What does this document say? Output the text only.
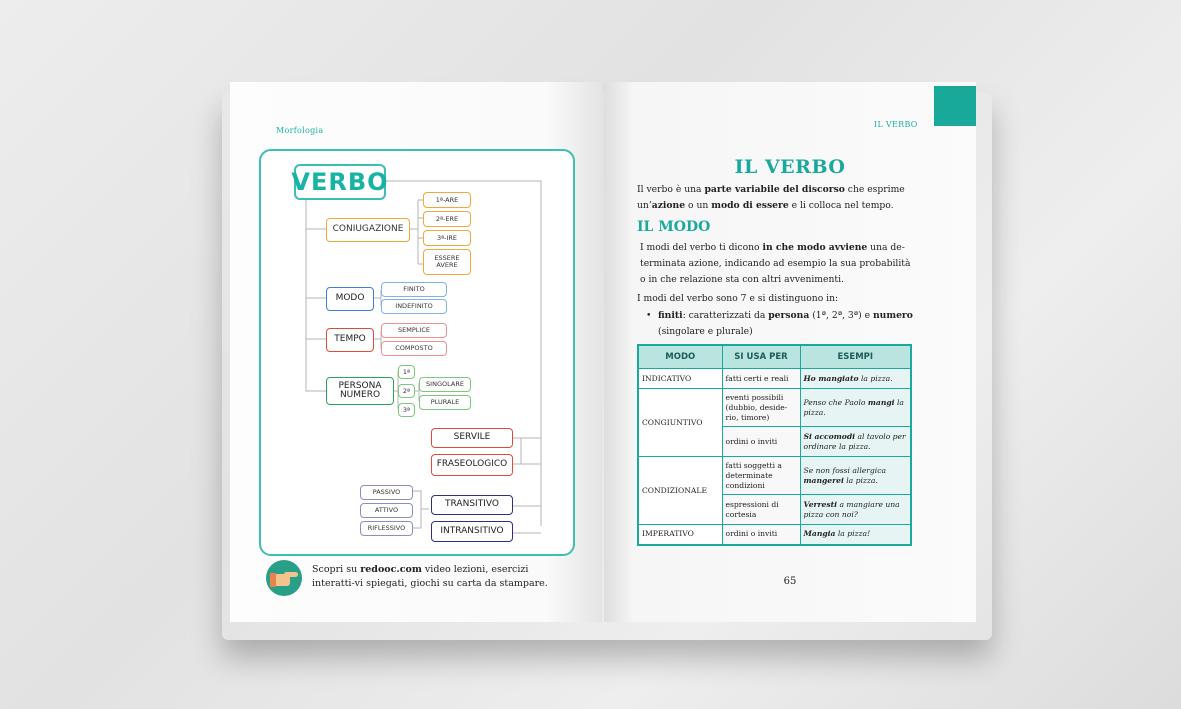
Morfologia
VERBO
CONIUGAZIONE
1ª-ARE
2ª-ERE
3ª-IRE
ESSERE AVERE
MODO
FINITO
INDEFINITO
TEMPO
SEMPLICE
COMPOSTO
PERSONA NUMERO
1ª
2ª
3ª
SINGOLARE
PLURALE
SERVILE
FRASEOLOGICO
PASSIVO
ATTIVO
RIFLESSIVO
TRANSITIVO
INTRANSITIVO
Scopri su redooc.com video lezioni, esercizi interatti-vi spiegati, giochi su carta da stampare.
IL VERBO
IL VERBO
Il verbo è una parte variabile del discorso che esprime un’azione o un modo di essere e li colloca nel tempo.
IL MODO
I modi del verbo ti dicono in che modo avviene una de-terminata azione, indicando ad esempio la sua probabilità o in che relazione sta con altri avvenimenti.
I modi del verbo sono 7 e si distinguono in:
• finiti: caratterizzati da persona (1ª, 2ª, 3ª) e numero (singolare e plurale)
MODO	SI USA PER	ESEMPI
INDICATIVO	fatti certi e reali	Ho mangiato la pizza.
CONGIUNTIVO	eventi possibili (dubbio, deside-rio, timore)	Penso che Paolo mangi la pizza.
	ordini o inviti	Si accomodi al tavolo per ordinare la pizza.
CONDIZIONALE	fatti soggetti a determinate condizioni	Se non fossi allergica mangerei la pizza.
	espressioni di cortesia	Verresti a mangiare una pizza con noi?
IMPERATIVO	ordini o inviti	Mangia la pizza!
65
